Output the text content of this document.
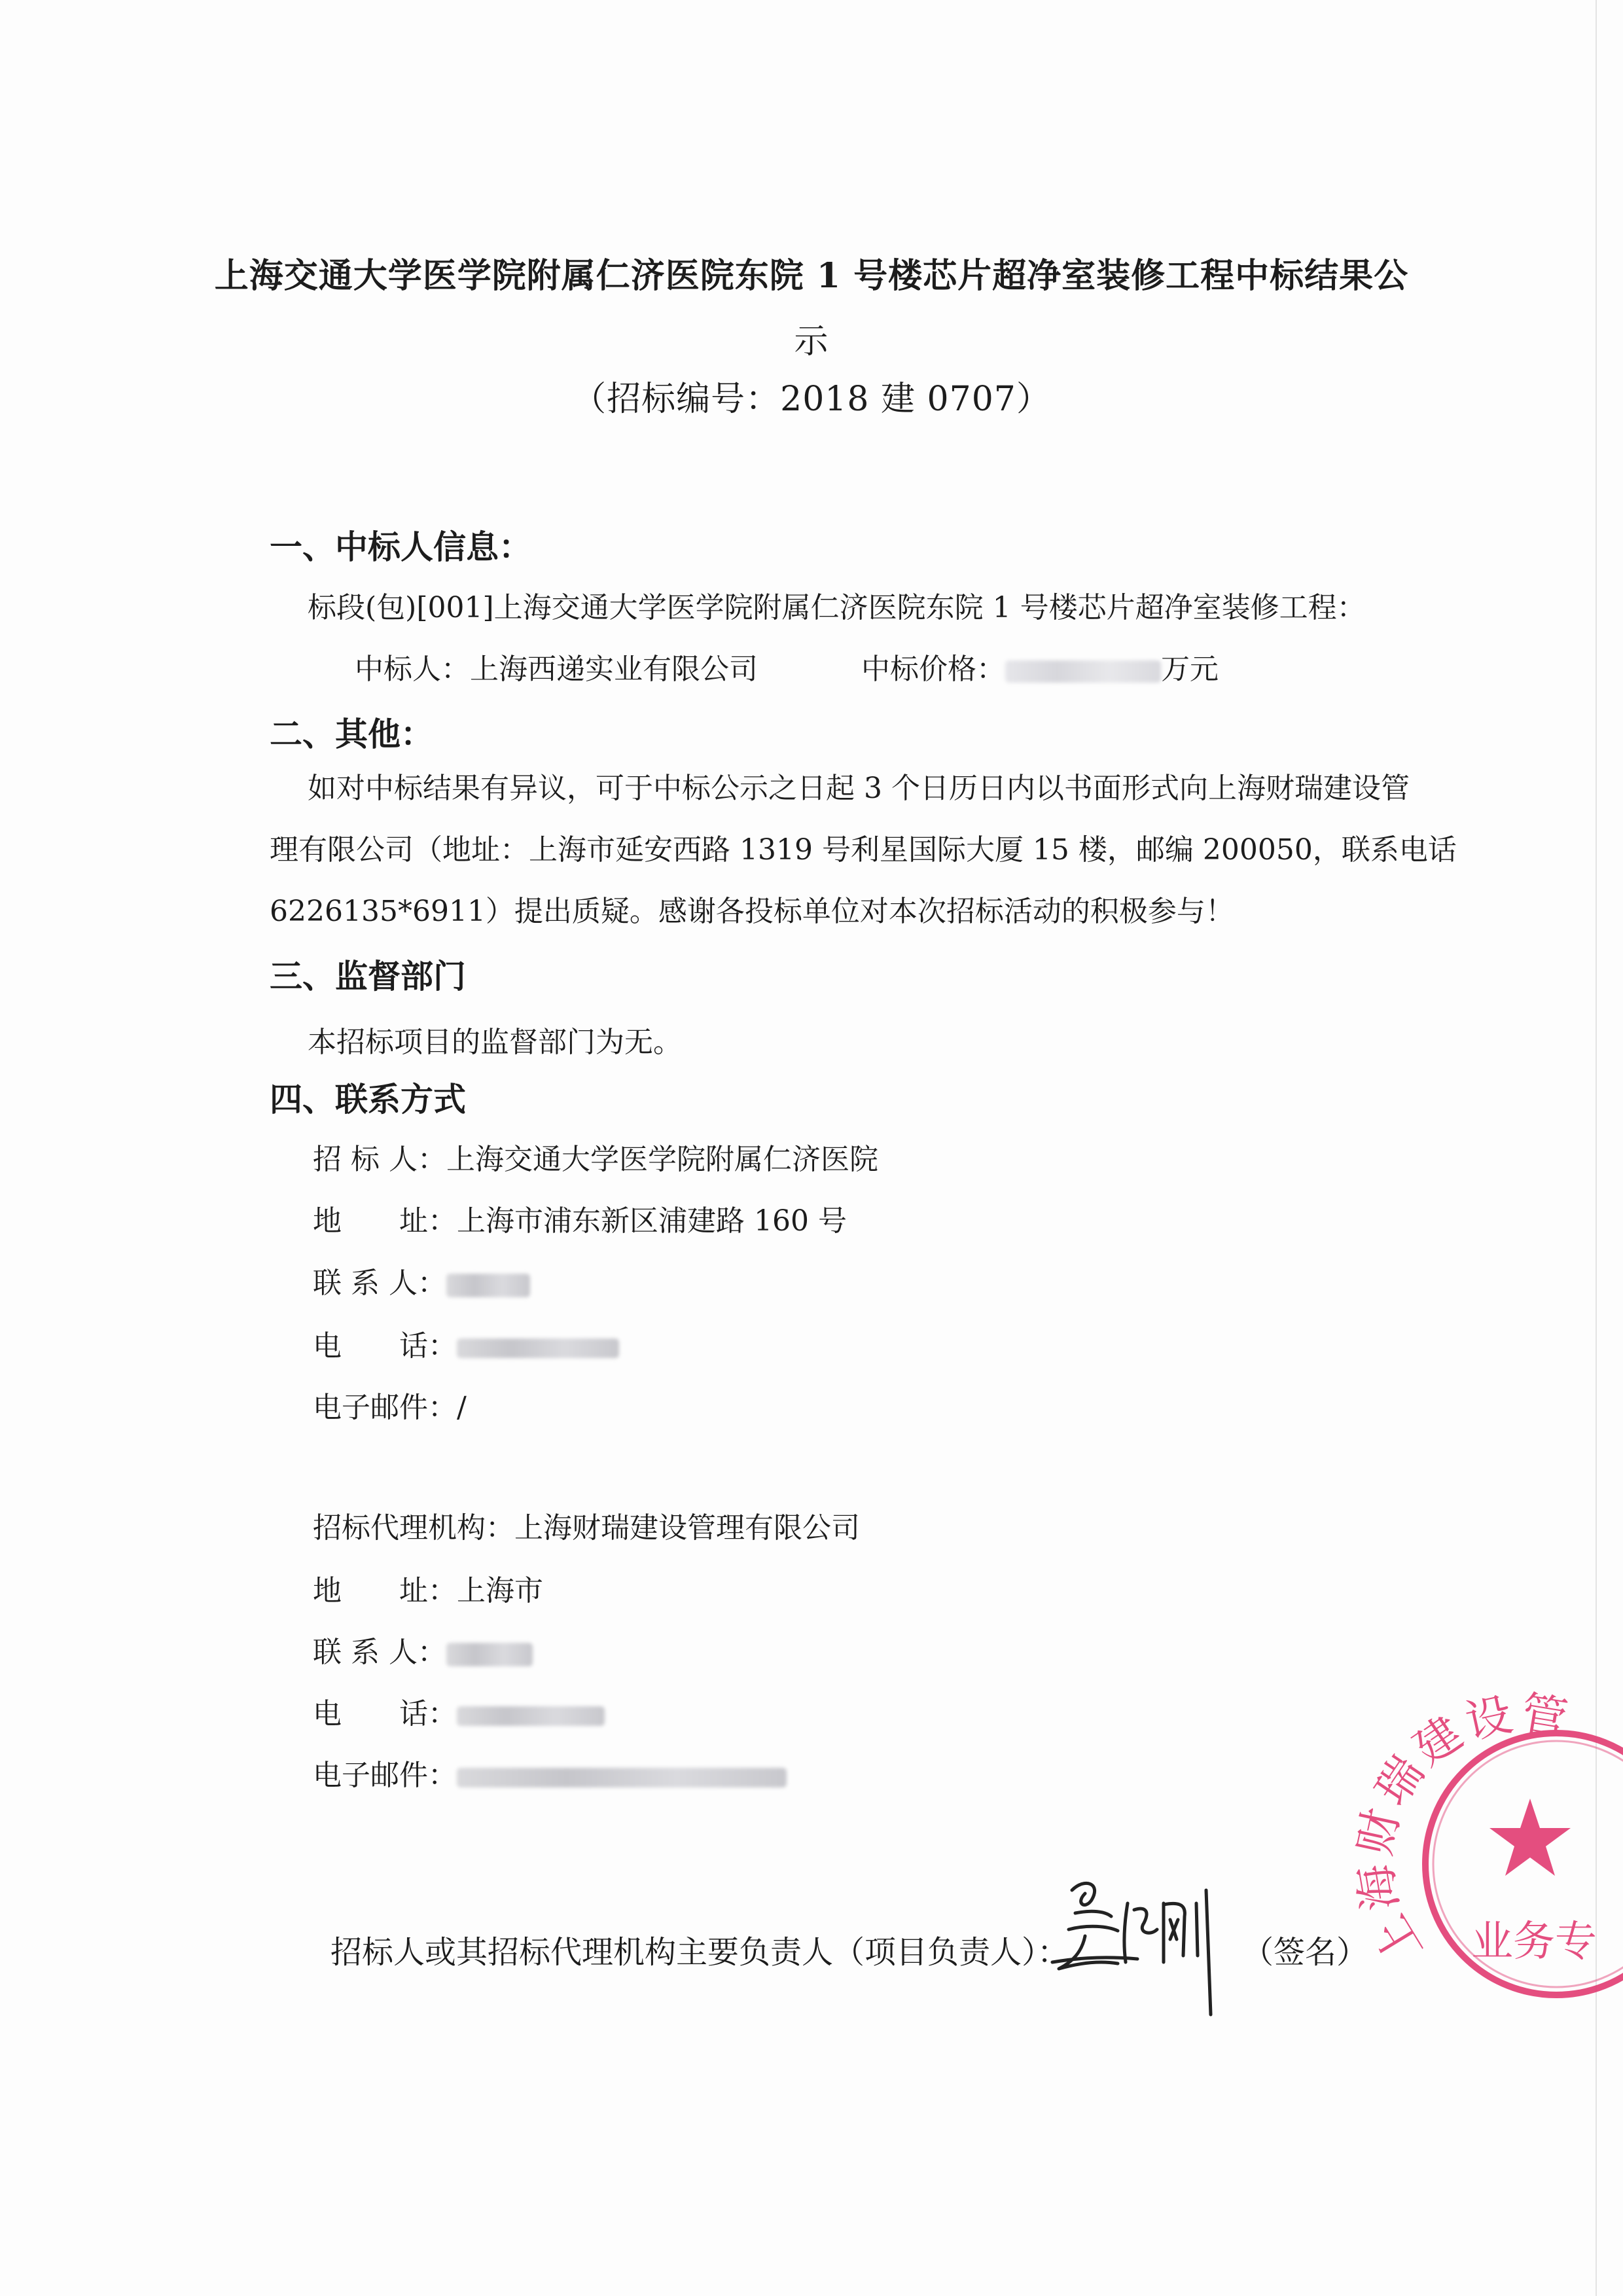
上海交通大学医学院附属仁济医院东院 1 号楼芯片超净室装修工程中标结果公
示
（招标编号：2018 建 0707）
一、中标人信息：
标段(包)[001]上海交通大学医学院附属仁济医院东院 1 号楼芯片超净室装修工程：
中标人：上海西递实业有限公司	中标价格：	万元
二、其他：
如对中标结果有异议，可于中标公示之日起 3 个日历日内以书面形式向上海财瑞建设管
理有限公司（地址：上海市延安西路 1319 号利星国际大厦 15 楼，邮编 200050，联系电话
6226135*6911）提出质疑。感谢各投标单位对本次招标活动的积极参与！
三、监督部门
本招标项目的监督部门为无。
四、联系方式
招 标 人：上海交通大学医学院附属仁济医院
地　　址：上海市浦东新区浦建路 160 号
联 系 人：
电　　话：
电子邮件：/
招标代理机构：上海财瑞建设管理有限公司
地　　址：上海市
联 系 人：
电　　话：
电子邮件：
招标人或其招标代理机构主要负责人（项目负责人）：	（签名）
上海财瑞建设管
业务专
